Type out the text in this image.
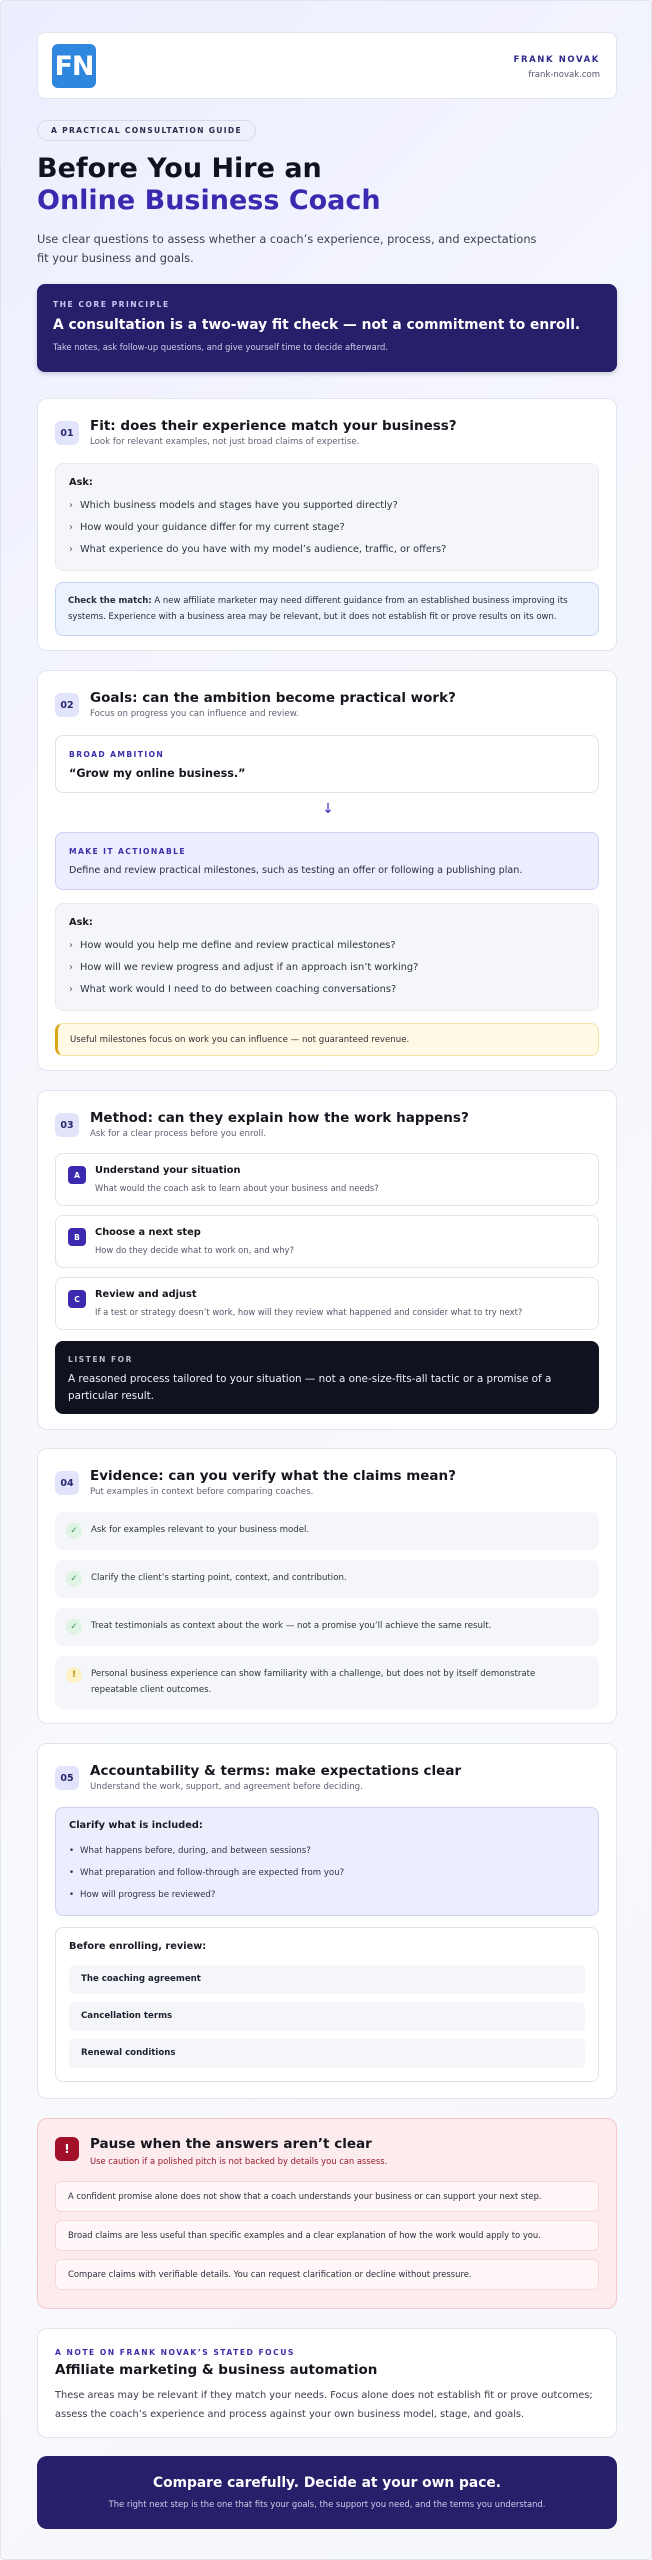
FN	FRANK NOVAK
frank-novak.com
A PRACTICAL CONSULTATION GUIDE
Before You Hire an
Online Business Coach
Use clear questions to assess whether a coach’s experience, process, and expectations fit your business and goals.
THE CORE PRINCIPLE
A consultation is a two-way fit check — not a commitment to enroll.
Take notes, ask follow-up questions, and give yourself time to decide afterward.
01	Fit: does their experience match your business?
Look for relevant examples, not just broad claims of expertise.
Ask:
› Which business models and stages have you supported directly?
› How would your guidance differ for my current stage?
› What experience do you have with my model’s audience, traffic, or offers?
Check the match: A new affiliate marketer may need different guidance from an established business improving its systems. Experience with a business area may be relevant, but it does not establish fit or prove results on its own.
02	Goals: can the ambition become practical work?
Focus on progress you can influence and review.
BROAD AMBITION
“Grow my online business.”
↓
MAKE IT ACTIONABLE
Define and review practical milestones, such as testing an offer or following a publishing plan.
Ask:
› How would you help me define and review practical milestones?
› How will we review progress and adjust if an approach isn’t working?
› What work would I need to do between coaching conversations?
Useful milestones focus on work you can influence — not guaranteed revenue.
03	Method: can they explain how the work happens?
Ask for a clear process before you enroll.
A	Understand your situation
What would the coach ask to learn about your business and needs?
B	Choose a next step
How do they decide what to work on, and why?
C	Review and adjust
If a test or strategy doesn’t work, how will they review what happened and consider what to try next?
LISTEN FOR
A reasoned process tailored to your situation — not a one-size-fits-all tactic or a promise of a particular result.
04	Evidence: can you verify what the claims mean?
Put examples in context before comparing coaches.
✓	Ask for examples relevant to your business model.
✓	Clarify the client’s starting point, context, and contribution.
✓	Treat testimonials as context about the work — not a promise you’ll achieve the same result.
!	Personal business experience can show familiarity with a challenge, but does not by itself demonstrate repeatable client outcomes.
05	Accountability & terms: make expectations clear
Understand the work, support, and agreement before deciding.
Clarify what is included:
• What happens before, during, and between sessions?
• What preparation and follow-through are expected from you?
• How will progress be reviewed?
Before enrolling, review:
The coaching agreement
Cancellation terms
Renewal conditions
!	Pause when the answers aren’t clear
Use caution if a polished pitch is not backed by details you can assess.
A confident promise alone does not show that a coach understands your business or can support your next step.
Broad claims are less useful than specific examples and a clear explanation of how the work would apply to you.
Compare claims with verifiable details. You can request clarification or decline without pressure.
A NOTE ON FRANK NOVAK’S STATED FOCUS
Affiliate marketing & business automation
These areas may be relevant if they match your needs. Focus alone does not establish fit or prove outcomes; assess the coach’s experience and process against your own business model, stage, and goals.
Compare carefully. Decide at your own pace.
The right next step is the one that fits your goals, the support you need, and the terms you understand.
